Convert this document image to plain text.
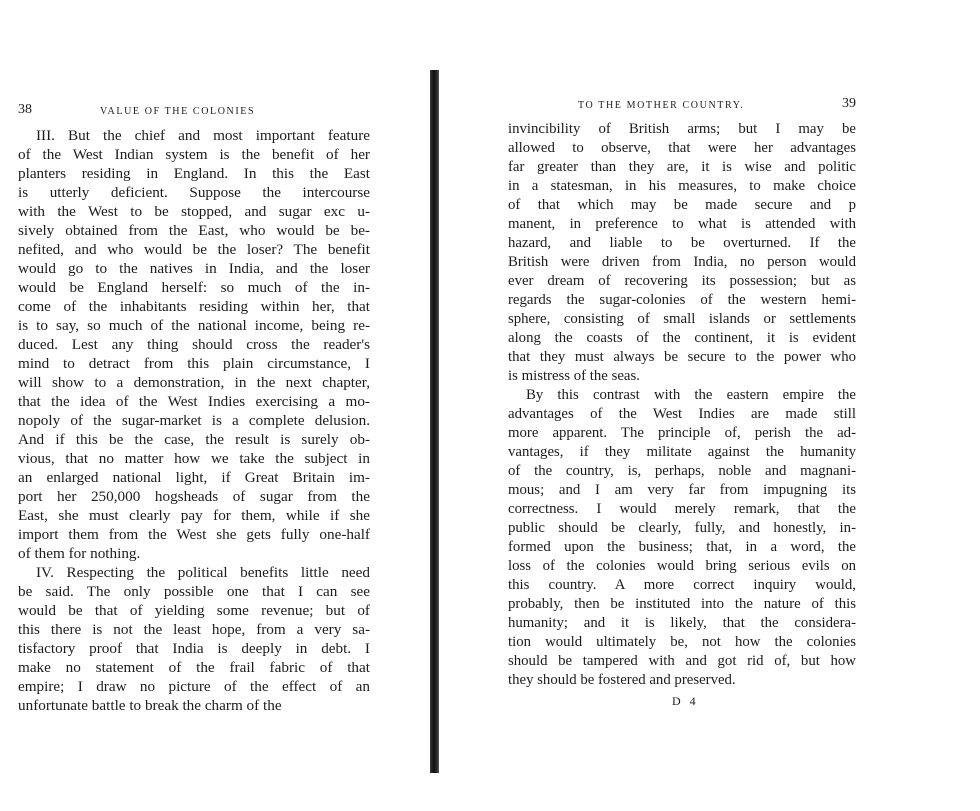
38	VALUE OF THE COLONIES
III. But the chief and most important feature
of the West Indian system is the benefit of her
planters residing in England. In this the East
is utterly deficient. Suppose the intercourse
with the West to be stopped, and sugar exc u-
sively obtained from the East, who would be be-
nefited, and who would be the loser? The benefit
would go to the natives in India, and the loser
would be England herself: so much of the in-
come of the inhabitants residing within her, that
is to say, so much of the national income, being re-
duced. Lest any thing should cross the reader's
mind to detract from this plain circumstance, I
will show to a demonstration, in the next chapter,
that the idea of the West Indies exercising a mo-
nopoly of the sugar-market is a complete delusion.
And if this be the case, the result is surely ob-
vious, that no matter how we take the subject in
an enlarged national light, if Great Britain im-
port her 250,000 hogsheads of sugar from the
East, she must clearly pay for them, while if she
import them from the West she gets fully one-half
of them for nothing.
IV. Respecting the political benefits little need
be said. The only possible one that I can see
would be that of yielding some revenue; but of
this there is not the least hope, from a very sa-
tisfactory proof that India is deeply in debt. I
make no statement of the frail fabric of that
empire; I draw no picture of the effect of an
unfortunate battle to break the charm of the
TO THE MOTHER COUNTRY.	39
invincibility of British arms; but I may be
allowed to observe, that were her advantages
far greater than they are, it is wise and politic
in a statesman, in his measures, to make choice
of that which may be made secure and p
manent, in preference to what is attended with
hazard, and liable to be overturned. If the
British were driven from India, no person would
ever dream of recovering its possession; but as
regards the sugar-colonies of the western hemi-
sphere, consisting of small islands or settlements
along the coasts of the continent, it is evident
that they must always be secure to the power who
is mistress of the seas.
By this contrast with the eastern empire the
advantages of the West Indies are made still
more apparent. The principle of, perish the ad-
vantages, if they militate against the humanity
of the country, is, perhaps, noble and magnani-
mous; and I am very far from impugning its
correctness. I would merely remark, that the
public should be clearly, fully, and honestly, in-
formed upon the business; that, in a word, the
loss of the colonies would bring serious evils on
this country. A more correct inquiry would,
probably, then be instituted into the nature of this
humanity; and it is likely, that the considera-
tion would ultimately be, not how the colonies
should be tampered with and got rid of, but how
they should be fostered and preserved.
D 4
